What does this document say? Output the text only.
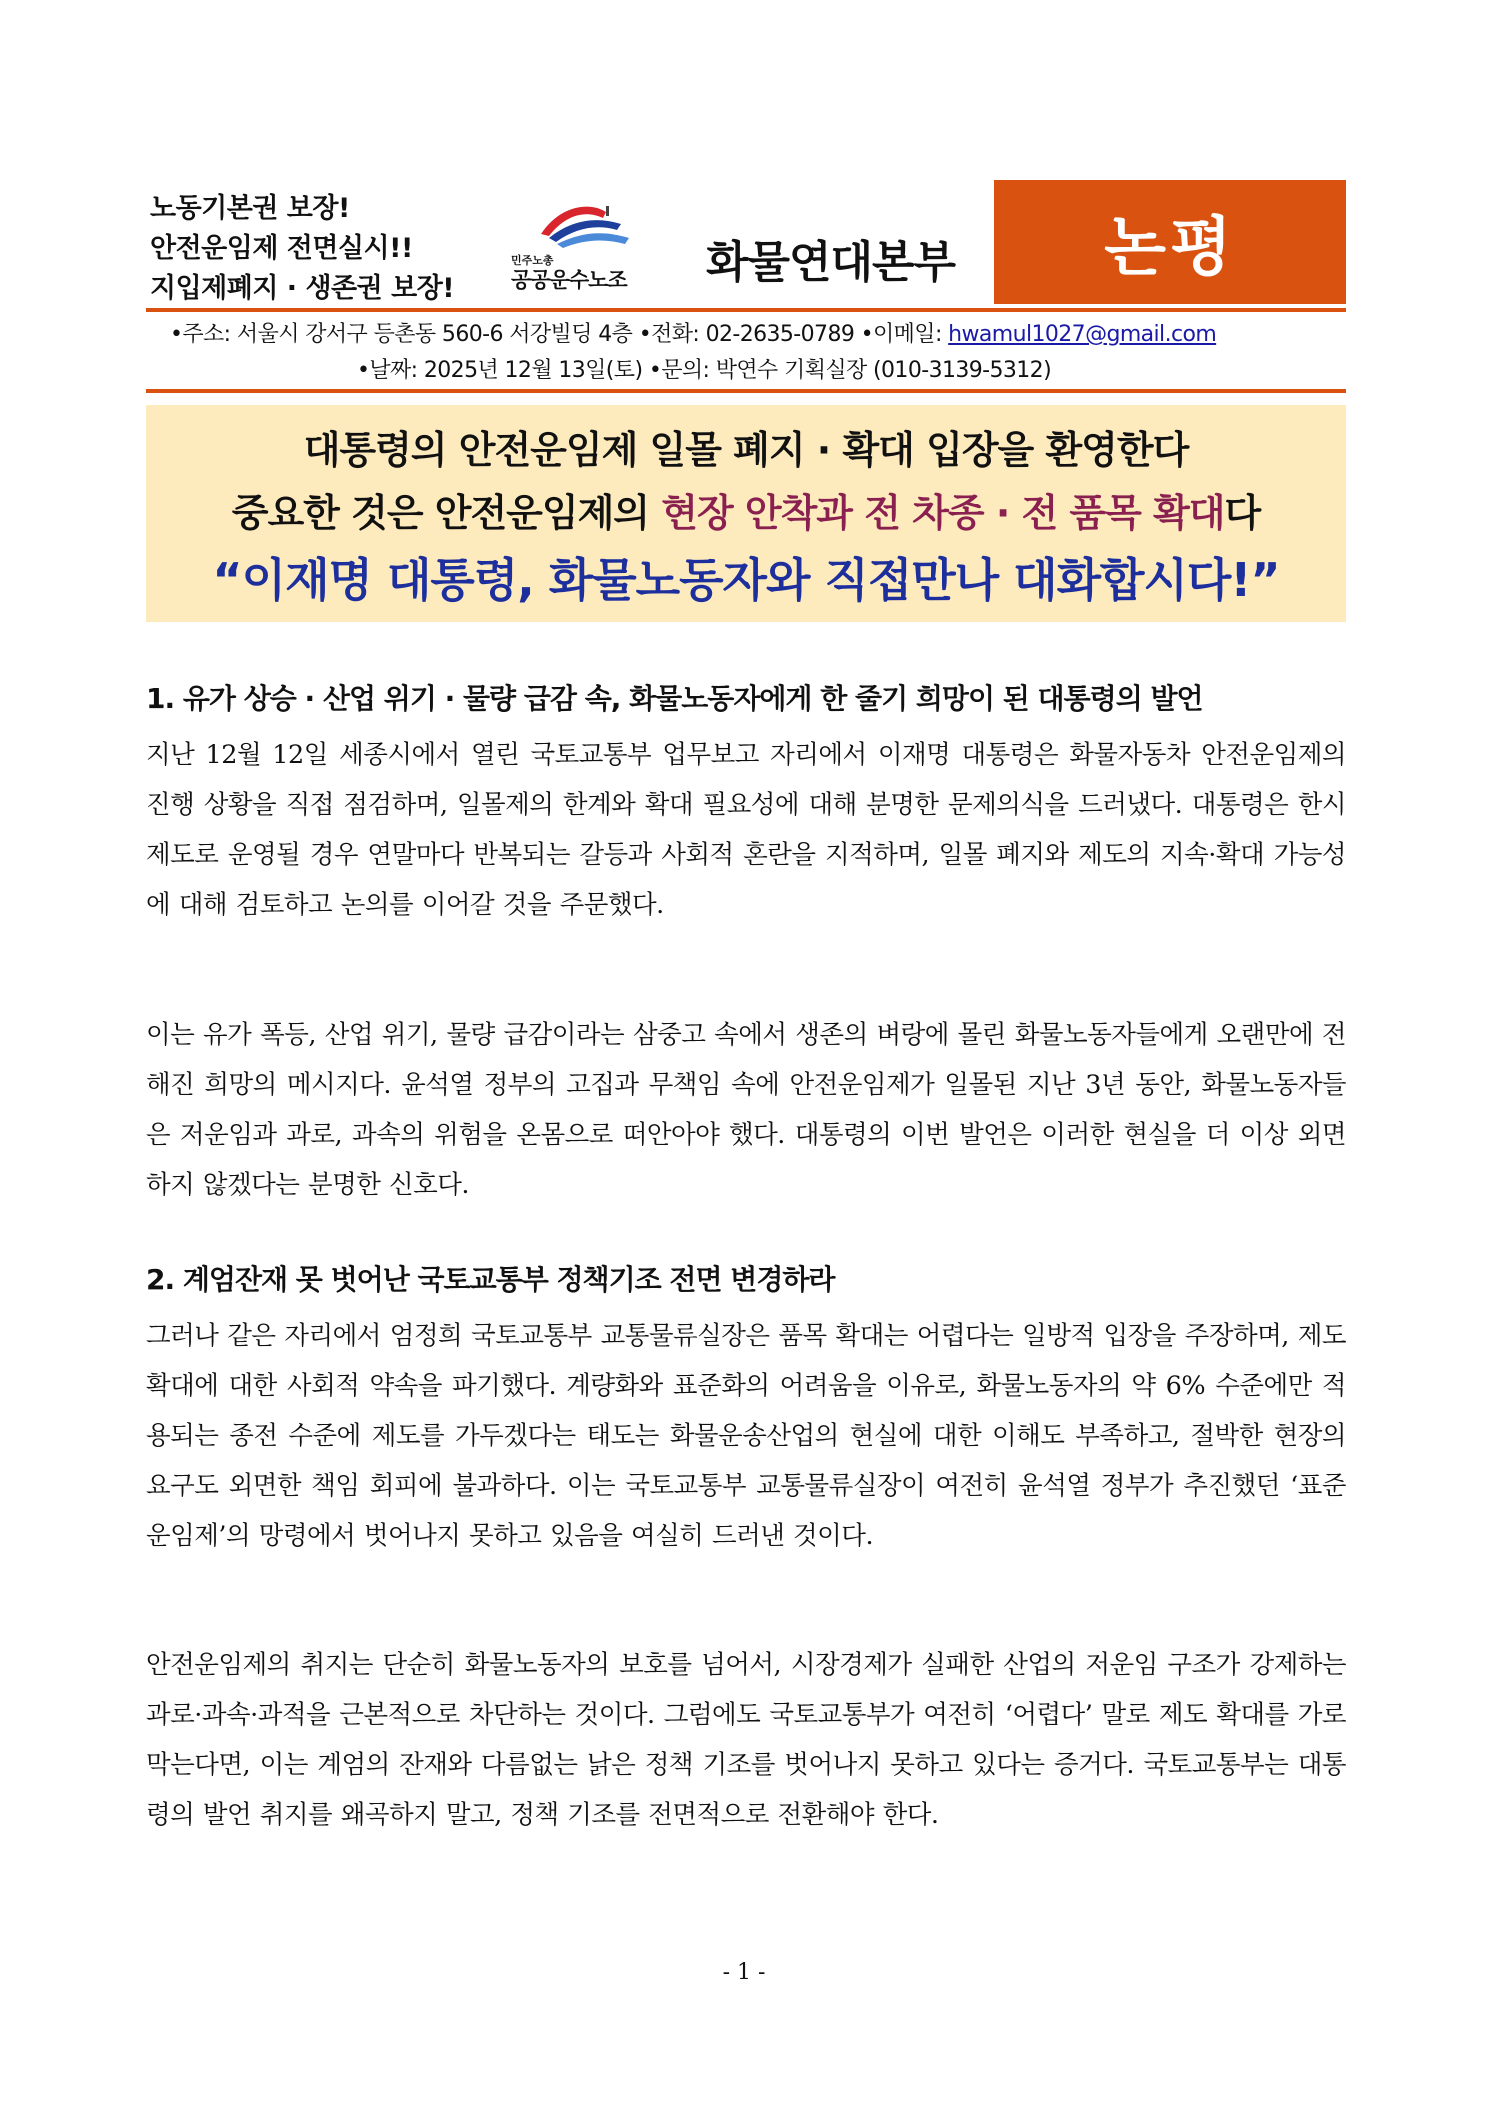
노동기본권 보장!
안전운임제 전면실시!!
지입제폐지 · 생존권 보장!
민주노총
공공운수노조 화물연대본부 논평
•주소: 서울시 강서구 등촌동 560-6 서강빌딩 4층 •전화: 02-2635-0789 •이메일: hwamul1027@gmail.com
•날짜: 2025년 12월 13일(토) •문의: 박연수 기획실장 (010-3139-5312)
대통령의 안전운임제 일몰 폐지 · 확대 입장을 환영한다
중요한 것은 안전운임제의 현장 안착과 전 차종 · 전 품목 확대다
“이재명 대통령, 화물노동자와 직접만나 대화합시다!”
1. 유가 상승 · 산업 위기 · 물량 급감 속, 화물노동자에게 한 줄기 희망이 된 대통령의 발언
지난 12월 12일 세종시에서 열린 국토교통부 업무보고 자리에서 이재명 대통령은 화물자동차 안전운임제의 진행 상황을 직접 점검하며, 일몰제의 한계와 확대 필요성에 대해 분명한 문제의식을 드러냈다. 대통령은 한시 제도로 운영될 경우 연말마다 반복되는 갈등과 사회적 혼란을 지적하며, 일몰 폐지와 제도의 지속·확대 가능성에 대해 검토하고 논의를 이어갈 것을 주문했다.
이는 유가 폭등, 산업 위기, 물량 급감이라는 삼중고 속에서 생존의 벼랑에 몰린 화물노동자들에게 오랜만에 전해진 희망의 메시지다. 윤석열 정부의 고집과 무책임 속에 안전운임제가 일몰된 지난 3년 동안, 화물노동자들은 저운임과 과로, 과속의 위험을 온몸으로 떠안아야 했다. 대통령의 이번 발언은 이러한 현실을 더 이상 외면하지 않겠다는 분명한 신호다.
2. 계엄잔재 못 벗어난 국토교통부 정책기조 전면 변경하라
그러나 같은 자리에서 엄정희 국토교통부 교통물류실장은 품목 확대는 어렵다는 일방적 입장을 주장하며, 제도 확대에 대한 사회적 약속을 파기했다. 계량화와 표준화의 어려움을 이유로, 화물노동자의 약 6% 수준에만 적용되는 종전 수준에 제도를 가두겠다는 태도는 화물운송산업의 현실에 대한 이해도 부족하고, 절박한 현장의 요구도 외면한 책임 회피에 불과하다. 이는 국토교통부 교통물류실장이 여전히 윤석열 정부가 추진했던 ‘표준운임제’의 망령에서 벗어나지 못하고 있음을 여실히 드러낸 것이다.
안전운임제의 취지는 단순히 화물노동자의 보호를 넘어서, 시장경제가 실패한 산업의 저운임 구조가 강제하는 과로·과속·과적을 근본적으로 차단하는 것이다. 그럼에도 국토교통부가 여전히 ‘어렵다’ 말로 제도 확대를 가로막는다면, 이는 계엄의 잔재와 다름없는 낡은 정책 기조를 벗어나지 못하고 있다는 증거다. 국토교통부는 대통령의 발언 취지를 왜곡하지 말고, 정책 기조를 전면적으로 전환해야 한다.
- 1 -
